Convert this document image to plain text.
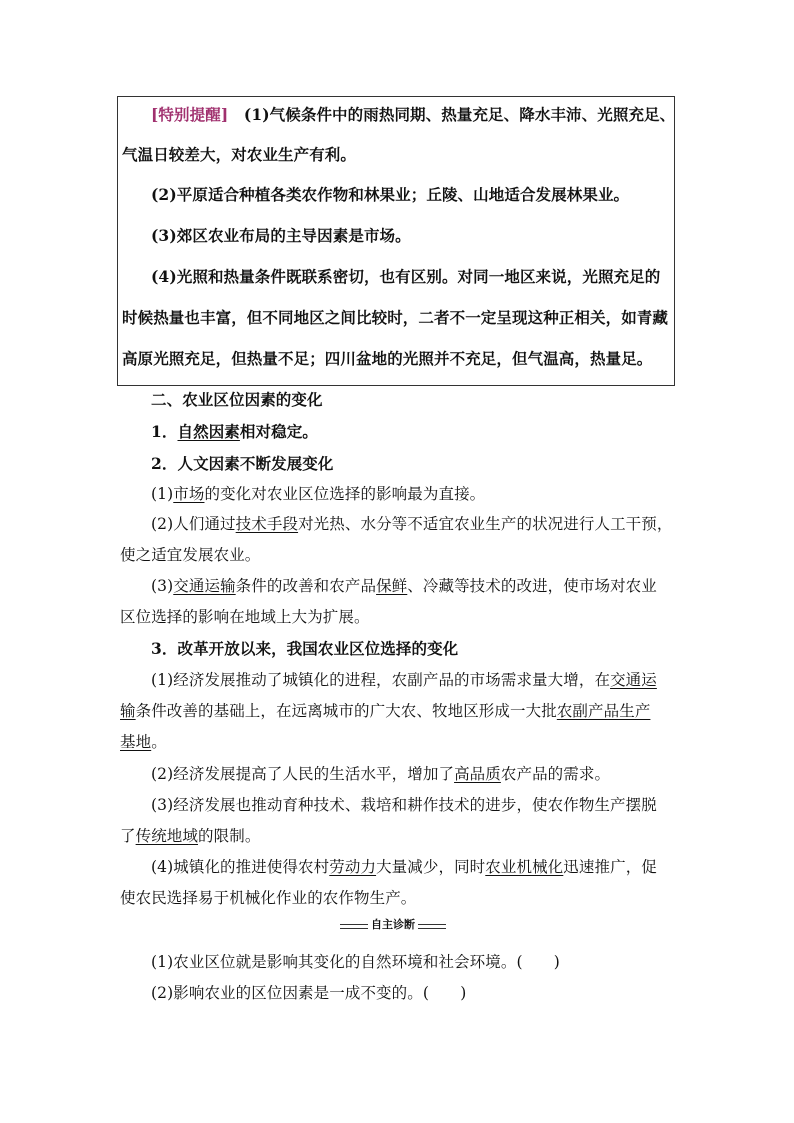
[特别提醒]　 (1)气候条件中的雨热同期、热量充足、降水丰沛、光照充足、

气温日较差大，对农业生产有利。

(2)平原适合种植各类农作物和林果业；丘陵、山地适合发展林果业。

(3)郊区农业布局的主导因素是市场。

(4)光照和热量条件既联系密切，也有区别。对同一地区来说，光照充足的

时候热量也丰富，但不同地区之间比较时，二者不一定呈现这种正相关，如青藏

高原光照充足，但热量不足；四川盆地的光照并不充足，但气温高，热量足。

二、农业区位因素的变化

1．自然因素相对稳定。

2．人文因素不断发展变化

(1)市场的变化对农业区位选择的影响最为直接。

(2)人们通过技术手段对光热、水分等不适宜农业生产的状况进行人工干预，

使之适宜发展农业。

(3)交通运输条件的改善和农产品保鲜、冷藏等技术的改进，使市场对农业

区位选择的影响在地域上大为扩展。

3．改革开放以来，我国农业区位选择的变化

(1)经济发展推动了城镇化的进程，农副产品的市场需求量大增，在交通运

输条件改善的基础上，在远离城市的广大农、牧地区形成一大批农副产品生产

基地。

(2)经济发展提高了人民的生活水平，增加了高品质农产品的需求。

(3)经济发展也推动育种技术、栽培和耕作技术的进步，使农作物生产摆脱

了传统地域的限制。

(4)城镇化的推进使得农村劳动力大量减少，同时农业机械化迅速推广，促

使农民选择易于机械化作业的农作物生产。

自主诊断

(1)农业区位就是影响其变化的自然环境和社会环境。(　　)

(2)影响农业的区位因素是一成不变的。(　　)
